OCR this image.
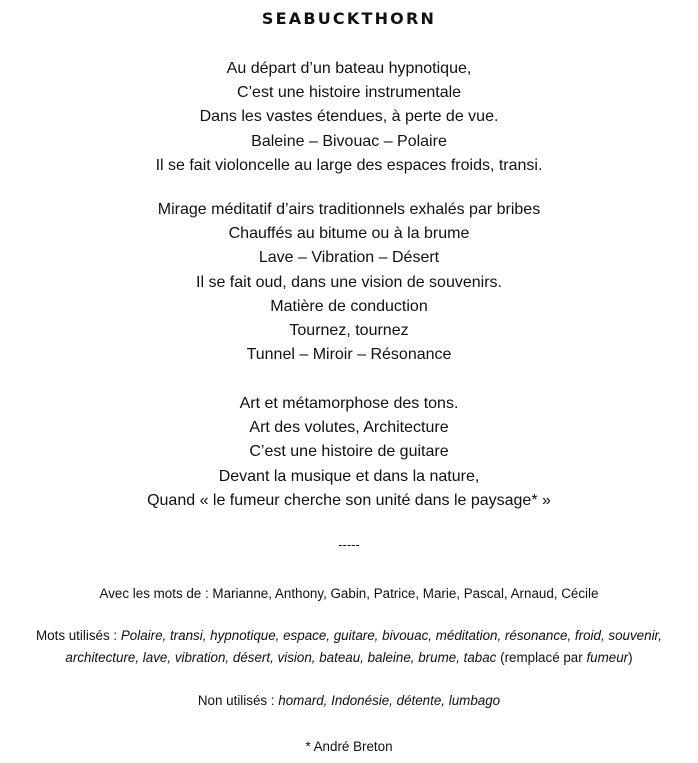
SEABUCKTHORN
Au départ d’un bateau hypnotique,
C’est une histoire instrumentale
Dans les vastes étendues, à perte de vue.
Baleine – Bivouac – Polaire
Il se fait violoncelle au large des espaces froids, transi.
Mirage méditatif d’airs traditionnels exhalés par bribes
Chauffés au bitume ou à la brume
Lave – Vibration – Désert
Il se fait oud, dans une vision de souvenirs.
Matière de conduction
Tournez, tournez
Tunnel – Miroir – Résonance
Art et métamorphose des tons.
Art des volutes, Architecture
C’est une histoire de guitare
Devant la musique et dans la nature,
Quand « le fumeur cherche son unité dans le paysage* »
-----
Avec les mots de : Marianne, Anthony, Gabin, Patrice, Marie, Pascal, Arnaud, Cécile
Mots utilisés : Polaire, transi, hypnotique, espace, guitare, bivouac, méditation, résonance, froid, souvenir, architecture, lave, vibration, désert, vision, bateau, baleine, brume, tabac (remplacé par fumeur)
Non utilisés : homard, Indonésie, détente, lumbago
* André Breton
